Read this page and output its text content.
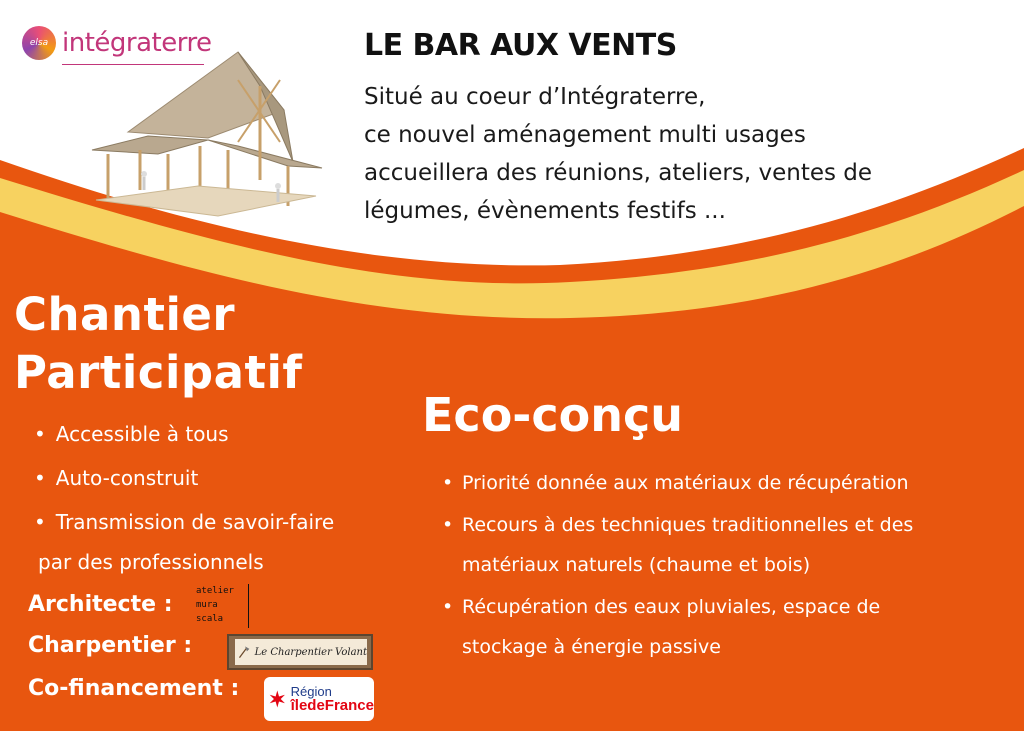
elsa intégraterre	LE BAR AUX VENTS
Situé au coeur d’Intégraterre,
ce nouvel aménagement multi usages
accueillera des réunions, ateliers, ventes de
légumes, évènements festifs ...
Chantier
Participatif
• Accessible à tous
• Auto-construit
• Transmission de savoir-faire
par des professionnels
Eco-conçu
• Priorité donnée aux matériaux de récupération
• Recours à des techniques traditionnelles et des
matériaux naturels (chaume et bois)
• Récupération des eaux pluviales, espace de
stockage à énergie passive
Architecte :
atelier
mura
scala
Charpentier :	Le Charpentier Volant
Co-financement :	Région
îledeFrance
